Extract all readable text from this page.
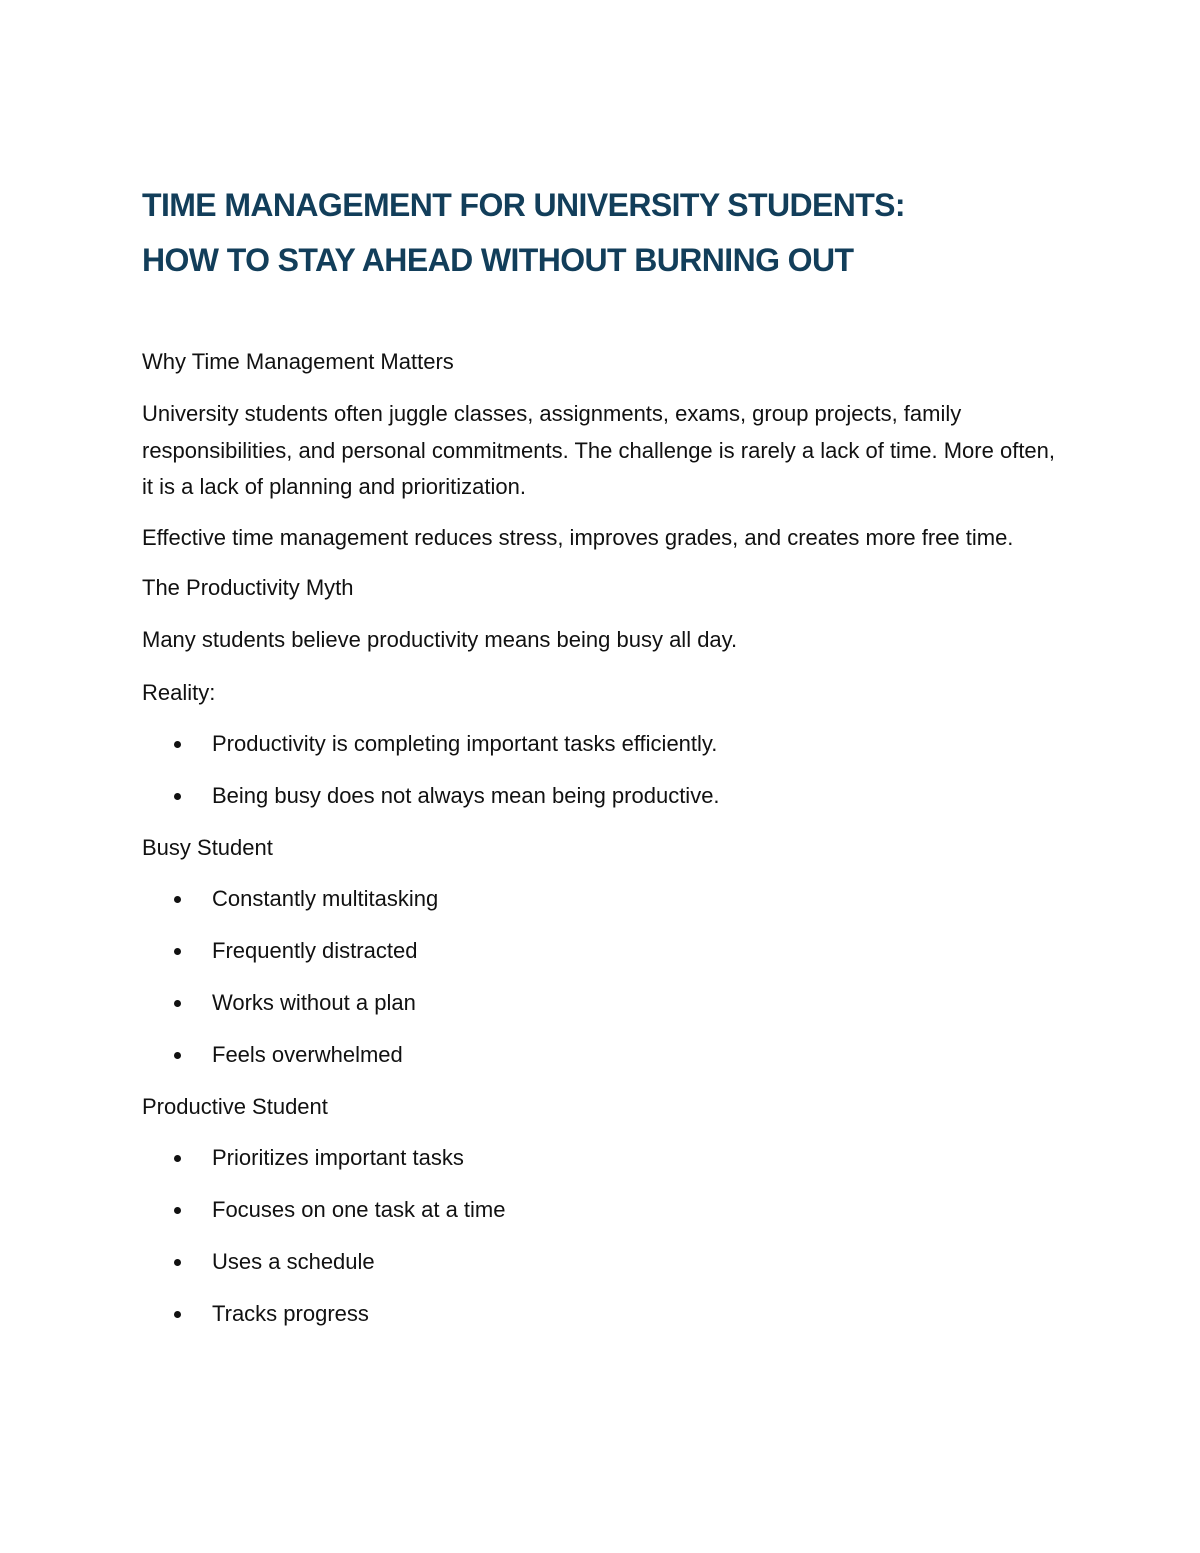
TIME MANAGEMENT FOR UNIVERSITY STUDENTS:
HOW TO STAY AHEAD WITHOUT BURNING OUT

Why Time Management Matters

University students often juggle classes, assignments, exams, group projects, family responsibilities, and personal commitments. The challenge is rarely a lack of time. More often, it is a lack of planning and prioritization.

Effective time management reduces stress, improves grades, and creates more free time.

The Productivity Myth

Many students believe productivity means being busy all day.

Reality:

Productivity is completing important tasks efficiently.
Being busy does not always mean being productive.

Busy Student

Constantly multitasking
Frequently distracted
Works without a plan
Feels overwhelmed

Productive Student

Prioritizes important tasks
Focuses on one task at a time
Uses a schedule
Tracks progress
